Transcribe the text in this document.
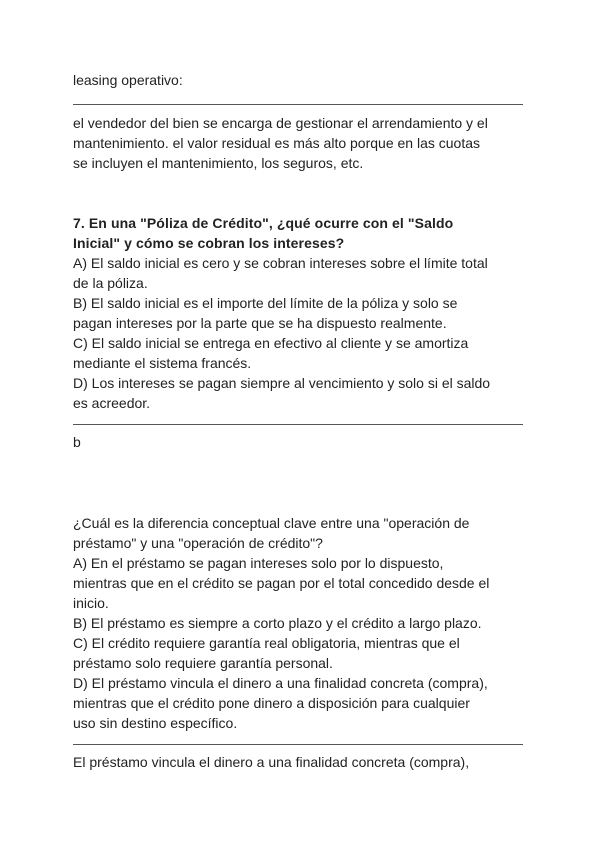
leasing operativo:
el vendedor del bien se encarga de gestionar el arrendamiento y el
mantenimiento. el valor residual es más alto porque en las cuotas
se incluyen el mantenimiento, los seguros, etc.
7. En una "Póliza de Crédito", ¿qué ocurre con el "Saldo
Inicial" y cómo se cobran los intereses?
A) El saldo inicial es cero y se cobran intereses sobre el límite total
de la póliza.
B) El saldo inicial es el importe del límite de la póliza y solo se
pagan intereses por la parte que se ha dispuesto realmente.
C) El saldo inicial se entrega en efectivo al cliente y se amortiza
mediante el sistema francés.
D) Los intereses se pagan siempre al vencimiento y solo si el saldo
es acreedor.
b
¿Cuál es la diferencia conceptual clave entre una "operación de
préstamo" y una "operación de crédito"?
A) En el préstamo se pagan intereses solo por lo dispuesto,
mientras que en el crédito se pagan por el total concedido desde el
inicio.
B) El préstamo es siempre a corto plazo y el crédito a largo plazo.
C) El crédito requiere garantía real obligatoria, mientras que el
préstamo solo requiere garantía personal.
D) El préstamo vincula el dinero a una finalidad concreta (compra),
mientras que el crédito pone dinero a disposición para cualquier
uso sin destino específico.
El préstamo vincula el dinero a una finalidad concreta (compra),
